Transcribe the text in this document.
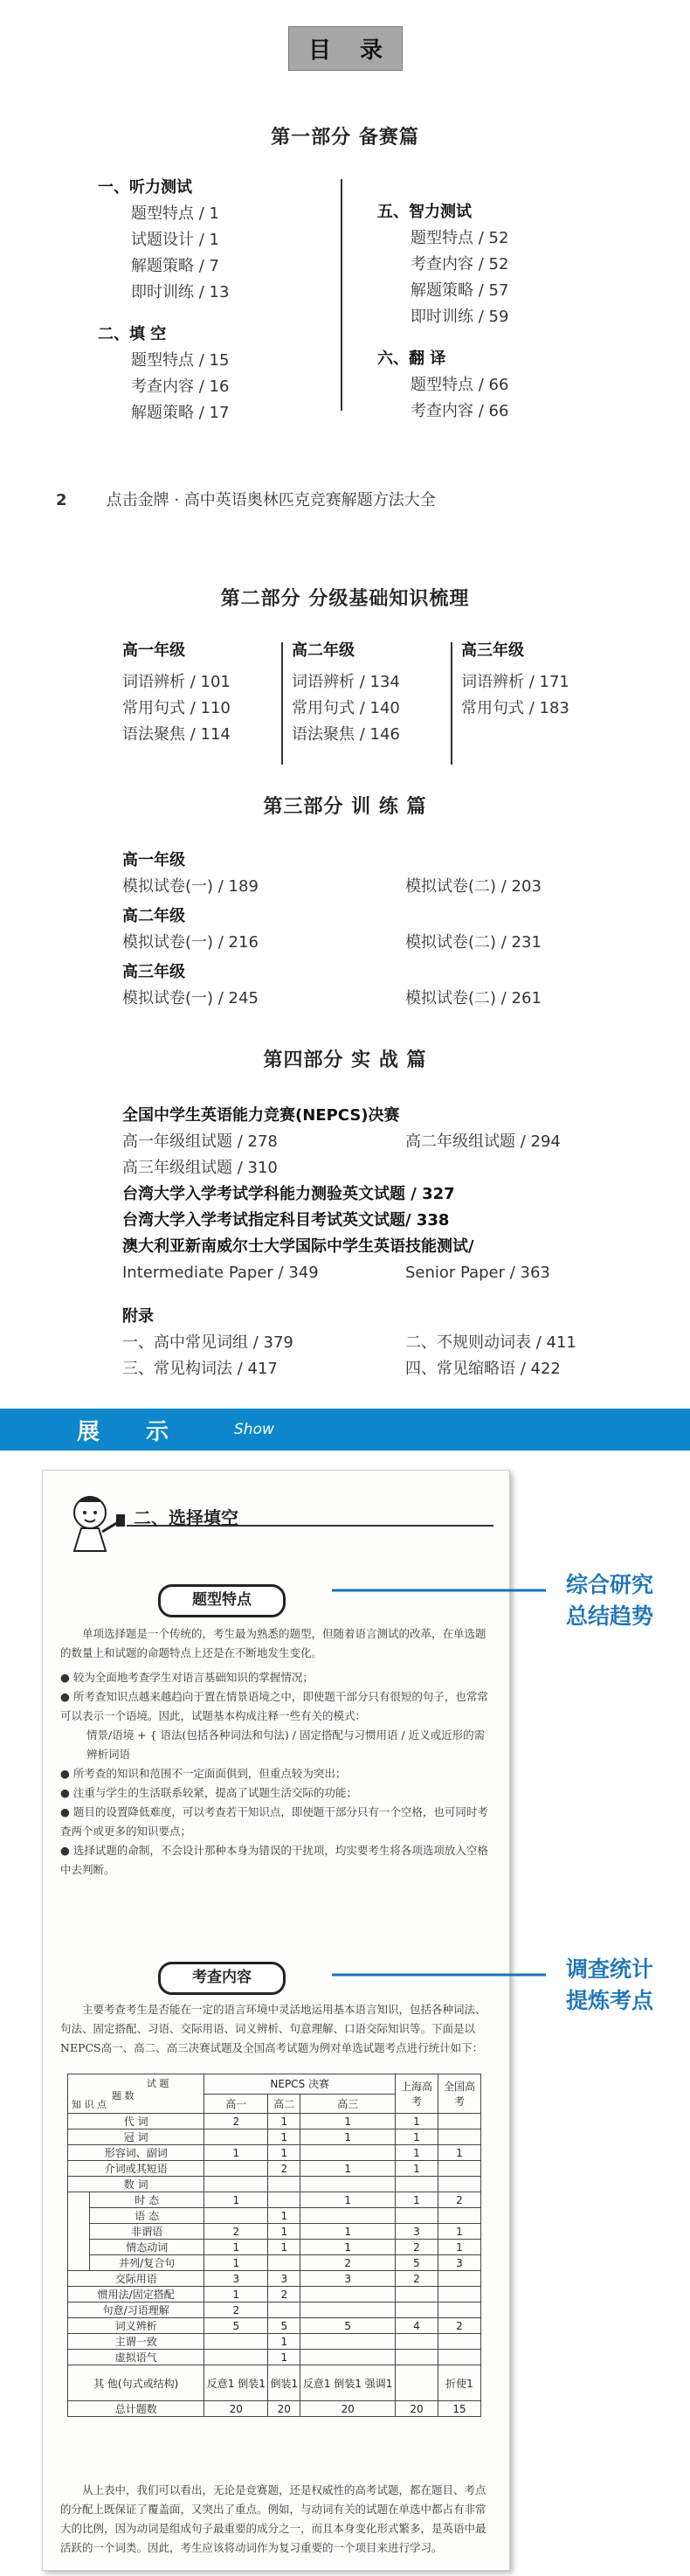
目 录
第一部分 备赛篇
一、听力测试
题型特点 / 1
试题设计 / 1
解题策略 / 7
即时训练 / 13
二、填 空
题型特点 / 15
考查内容 / 16
解题策略 / 17
五、智力测试
题型特点 / 52
考查内容 / 52
解题策略 / 57
即时训练 / 59
六、翻 译
题型特点 / 66
考查内容 / 66
2	点击金牌 · 高中英语奥林匹克竞赛解题方法大全
第二部分 分级基础知识梳理
高一年级
词语辨析 / 101
常用句式 / 110
语法聚焦 / 114
高二年级
词语辨析 / 134
常用句式 / 140
语法聚焦 / 146
高三年级
词语辨析 / 171
常用句式 / 183
第三部分 训 练 篇
高一年级
模拟试卷(一) / 189	模拟试卷(二) / 203
高二年级
模拟试卷(一) / 216	模拟试卷(二) / 231
高三年级
模拟试卷(一) / 245	模拟试卷(二) / 261
第四部分 实 战 篇
全国中学生英语能力竞赛(NEPCS)决赛
高一年级组试题 / 278	高二年级组试题 / 294
高三年级组试题 / 310
台湾大学入学考试学科能力测验英文试题 / 327
台湾大学入学考试指定科目考试英文试题/ 338
澳大利亚新南威尔士大学国际中学生英语技能测试/
Intermediate Paper / 349	Senior Paper / 363
附录
一、高中常见词组 / 379	二、不规则动词表 / 411
三、常见构词法 / 417	四、常见缩略语 / 422
展 示	Show
二、选择填空
题型特点
单项选择题是一个传统的，考生最为熟悉的题型，但随着语言测试的改革，在单选题的数量上和试题的命题特点上还是在不断地发生变化。
● 较为全面地考查学生对语言基础知识的掌握情况；
● 所考查知识点越来越趋向于置在情景语境之中，即使题干部分只有很短的句子，也常常可以表示一个语境。因此，试题基本构成注释一些有关的模式：
情景/语境 + { 语法(包括各种词法和句法) / 固定搭配与习惯用语 / 近义或近形的需辨析词语
● 所考查的知识和范围不一定面面俱到，但重点较为突出；
● 注重与学生的生活联系较紧，提高了试题生活交际的功能；
● 题目的设置降低难度，可以考查若干知识点，即使题干部分只有一个空格，也可同时考查两个或更多的知识要点；
● 选择试题的命制，不会设计那种本身为错误的干扰项，均实要考生将各项选项放入空格中去判断。
考查内容
主要考查考生是否能在一定的语言环境中灵活地运用基本语言知识，包括各种词法、句法、固定搭配、习语、交际用语、词义辨析、句意理解、口语交际知识等。下面是以NEPCS高一、高二、高三决赛试题及全国高考试题为例对单选试题考点进行统计如下：
试 题
题 数
知 识 点		NEPCS 决赛			上海高考	全国高考
		高一	高二	高三		
代 词		2	1	1	1	
冠 词			1	1	1	
形容词、副词		1	1		1	1
介词或其短语			2	1	1	
数 词						
	时 态	1		1	1	2
	语 态		1			
	非谓语	2	1	1	3	1
	情态动词	1	1	1	2	1
	并列/复合句	1		2	5	3
交际用语		3	3	3	2	
惯用法/固定搭配		1	2			
句意/习语理解		2				
词义辨析		5	5	5	4	2
主谓一致			1			
虚拟语气			1			
其 他(句式或结构)		反意1 倒装1	倒装1	反意1 倒装1 强调1		折使1
总计题数		20	20	20	20	15
从上表中，我们可以看出，无论是竞赛题，还是权威性的高考试题，都在题目、考点的分配上既保证了覆盖面，又突出了重点。例如，与动词有关的试题在单选中都占有非常大的比例，因为动词是组成句子最重要的成分之一，而且本身变化形式繁多，是英语中最活跃的一个词类。因此，考生应该将动词作为复习重要的一个项目来进行学习。
综合研究
总结趋势
调查统计
提炼考点
